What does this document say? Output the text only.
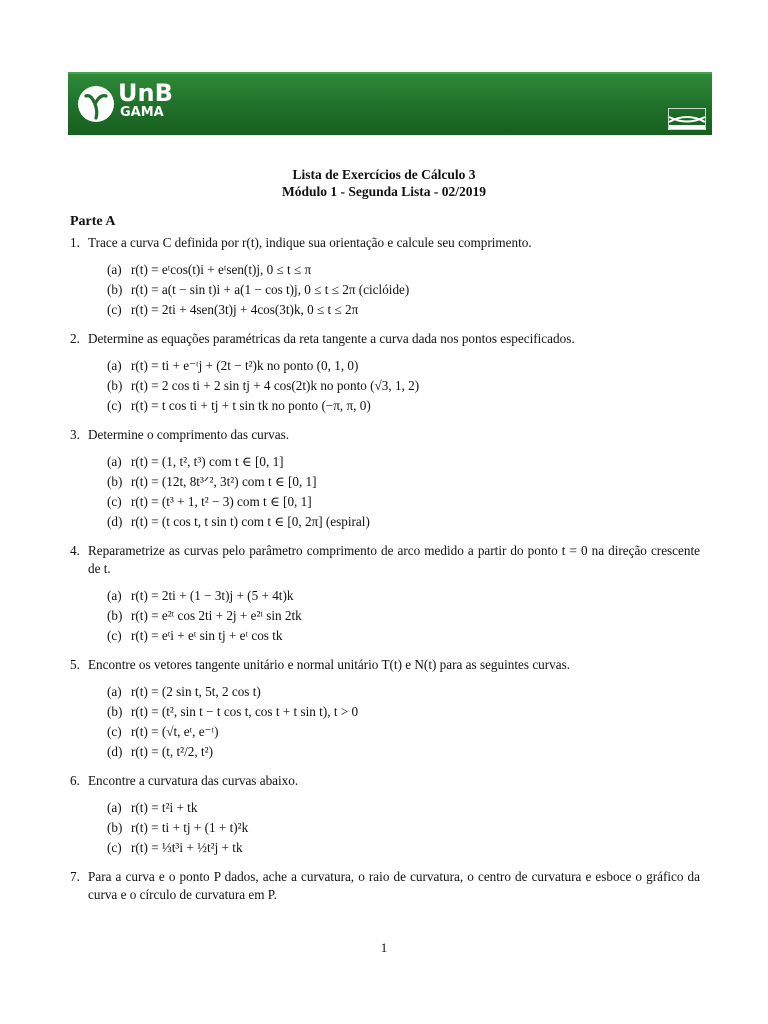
UnB
GAMA
Lista de Exercícios de Cálculo 3
Módulo 1 - Segunda Lista - 02/2019
Parte A
1. Trace a curva C definida por r(t), indique sua orientação e calcule seu comprimento.
(a) r(t) = eᵗcos(t)i + eᵗsen(t)j, 0 ≤ t ≤ π
(b) r(t) = a(t − sin t)i + a(1 − cos t)j, 0 ≤ t ≤ 2π (ciclóide)
(c) r(t) = 2ti + 4sen(3t)j + 4cos(3t)k, 0 ≤ t ≤ 2π
2. Determine as equações paramétricas da reta tangente a curva dada nos pontos especificados.
(a) r(t) = ti + e⁻ᵗj + (2t − t²)k no ponto (0, 1, 0)
(b) r(t) = 2 cos ti + 2 sin tj + 4 cos(2t)k no ponto (√3, 1, 2)
(c) r(t) = t cos ti + tj + t sin tk no ponto (−π, π, 0)
3. Determine o comprimento das curvas.
(a) r(t) = (1, t², t³) com t ∈ [0, 1]
(b) r(t) = (12t, 8t³ᐟ², 3t²) com t ∈ [0, 1]
(c) r(t) = (t³ + 1, t² − 3) com t ∈ [0, 1]
(d) r(t) = (t cos t, t sin t) com t ∈ [0, 2π] (espiral)
4. Reparametrize as curvas pelo parâmetro comprimento de arco medido a partir do ponto t = 0 na direção crescente de t.
(a) r(t) = 2ti + (1 − 3t)j + (5 + 4t)k
(b) r(t) = e²ᵗ cos 2ti + 2j + e²ᵗ sin 2tk
(c) r(t) = eᵗi + eᵗ sin tj + eᵗ cos tk
5. Encontre os vetores tangente unitário e normal unitário T(t) e N(t) para as seguintes curvas.
(a) r(t) = (2 sin t, 5t, 2 cos t)
(b) r(t) = (t², sin t − t cos t, cos t + t sin t), t > 0
(c) r(t) = (√t, eᵗ, e⁻ᵗ)
(d) r(t) = (t, t²/2, t²)
6. Encontre a curvatura das curvas abaixo.
(a) r(t) = t²i + tk
(b) r(t) = ti + tj + (1 + t)²k
(c) r(t) = ⅓t³i + ½t²j + tk
7. Para a curva e o ponto P dados, ache a curvatura, o raio de curvatura, o centro de curvatura e esboce o gráfico da curva e o círculo de curvatura em P.
1
